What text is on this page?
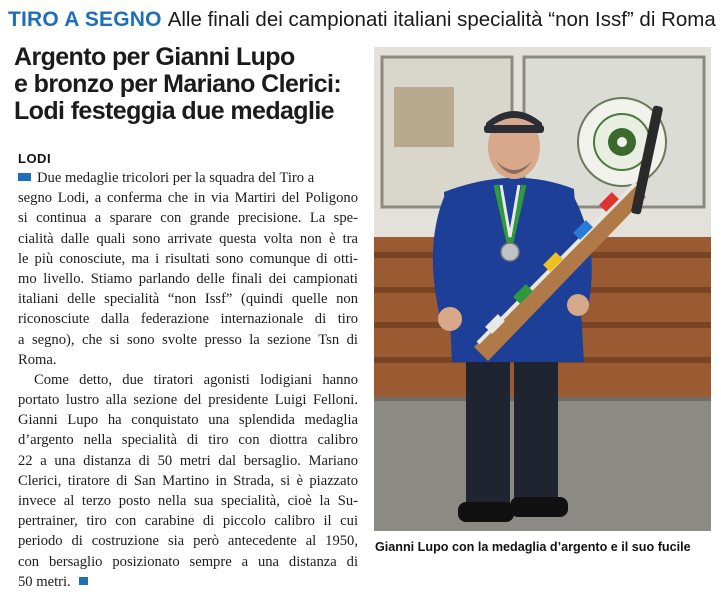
TIRO A SEGNO Alle finali dei campionati italiani specialità “non Issf” di Roma
Argento per Gianni Lupo
e bronzo per Mariano Clerici:
Lodi festeggia due medaglie
LODI
Due medaglie tricolori per la squadra del Tiro a
segno Lodi, a conferma che in via Martiri del Poligono
si continua a sparare con grande precisione. La spe-
cialità dalle quali sono arrivate questa volta non è tra
le più conosciute, ma i risultati sono comunque di otti-
mo livello. Stiamo parlando delle finali dei campionati
italiani delle specialità “non Issf” (quindi quelle non
riconosciute dalla federazione internazionale di tiro
a segno), che si sono svolte presso la sezione Tsn di
Roma.
Come detto, due tiratori agonisti lodigiani hanno
portato lustro alla sezione del presidente Luigi Felloni.
Gianni Lupo ha conquistato una splendida medaglia
d’argento nella specialità di tiro con diottra calibro
22 a una distanza di 50 metri dal bersaglio. Mariano
Clerici, tiratore di San Martino in Strada, si è piazzato
invece al terzo posto nella sua specialità, cioè la Su-
pertrainer, tiro con carabine di piccolo calibro il cui
periodo di costruzione sia però antecedente al 1950,
con bersaglio posizionato sempre a una distanza di
50 metri.
Gianni Lupo con la medaglia d’argento e il suo fucile
